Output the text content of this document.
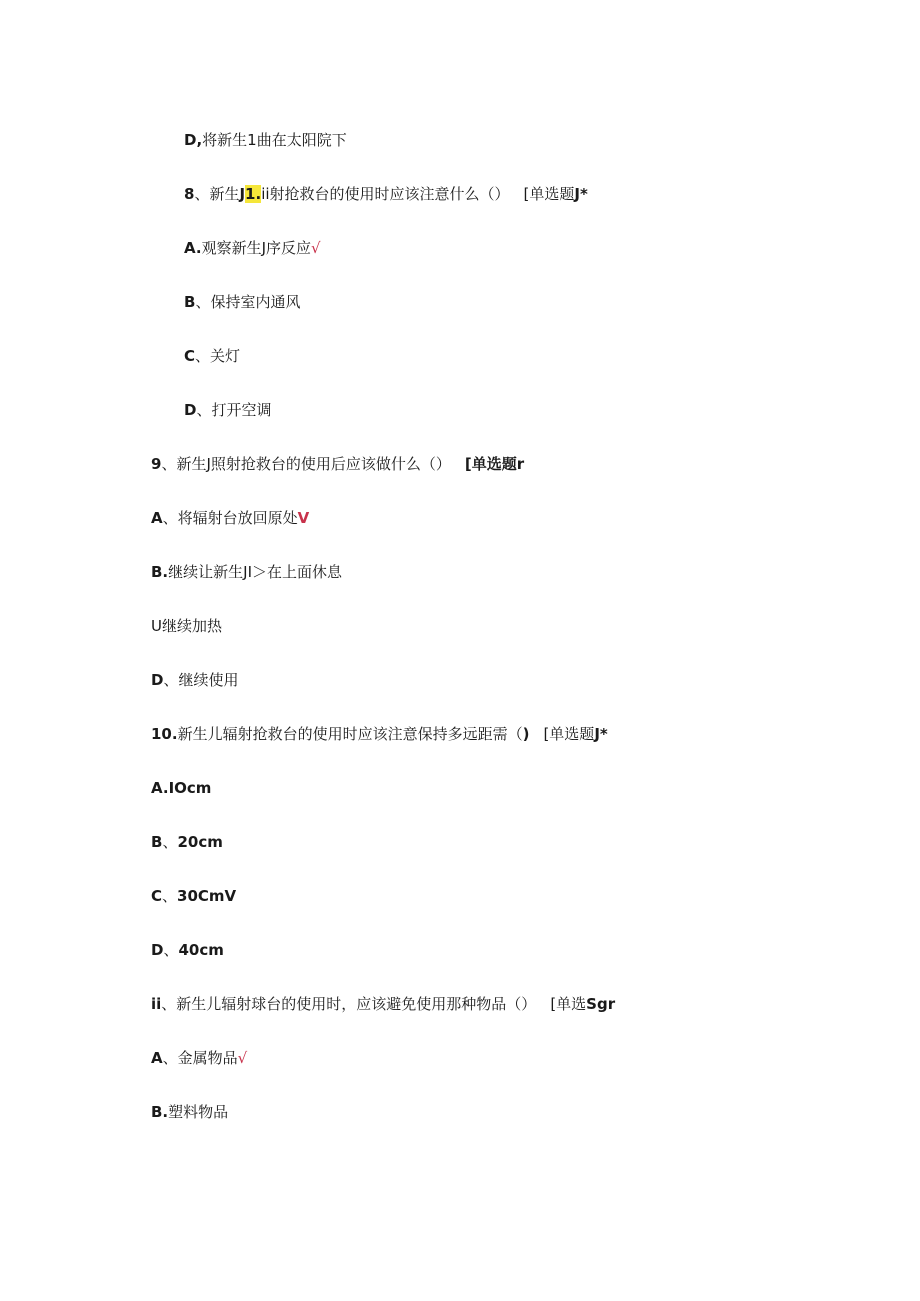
D,将新生1曲在太阳院下
8、新生J1.ii射抢救台的使用时应该注意什么（） [单选题J*
A.观察新生J序反应√
B、保持室内通风
C、关灯
D、打开空调
9、新生J照射抢救台的使用后应该做什么（） [单选题r
A、将辐射台放回原处V
B.继续让新生JI＞在上面休息
U继续加热
D、继续使用
10.新生儿辐射抢救台的使用时应该注意保持多远距需（) [单选题J*
A.IOcm
B、20cm
C、30CmV
D、40cm
ii、新生儿辐射球台的使用时，应该避免使用那种物品（） [单选Sgr
A、金属物品√
B.塑料物品
